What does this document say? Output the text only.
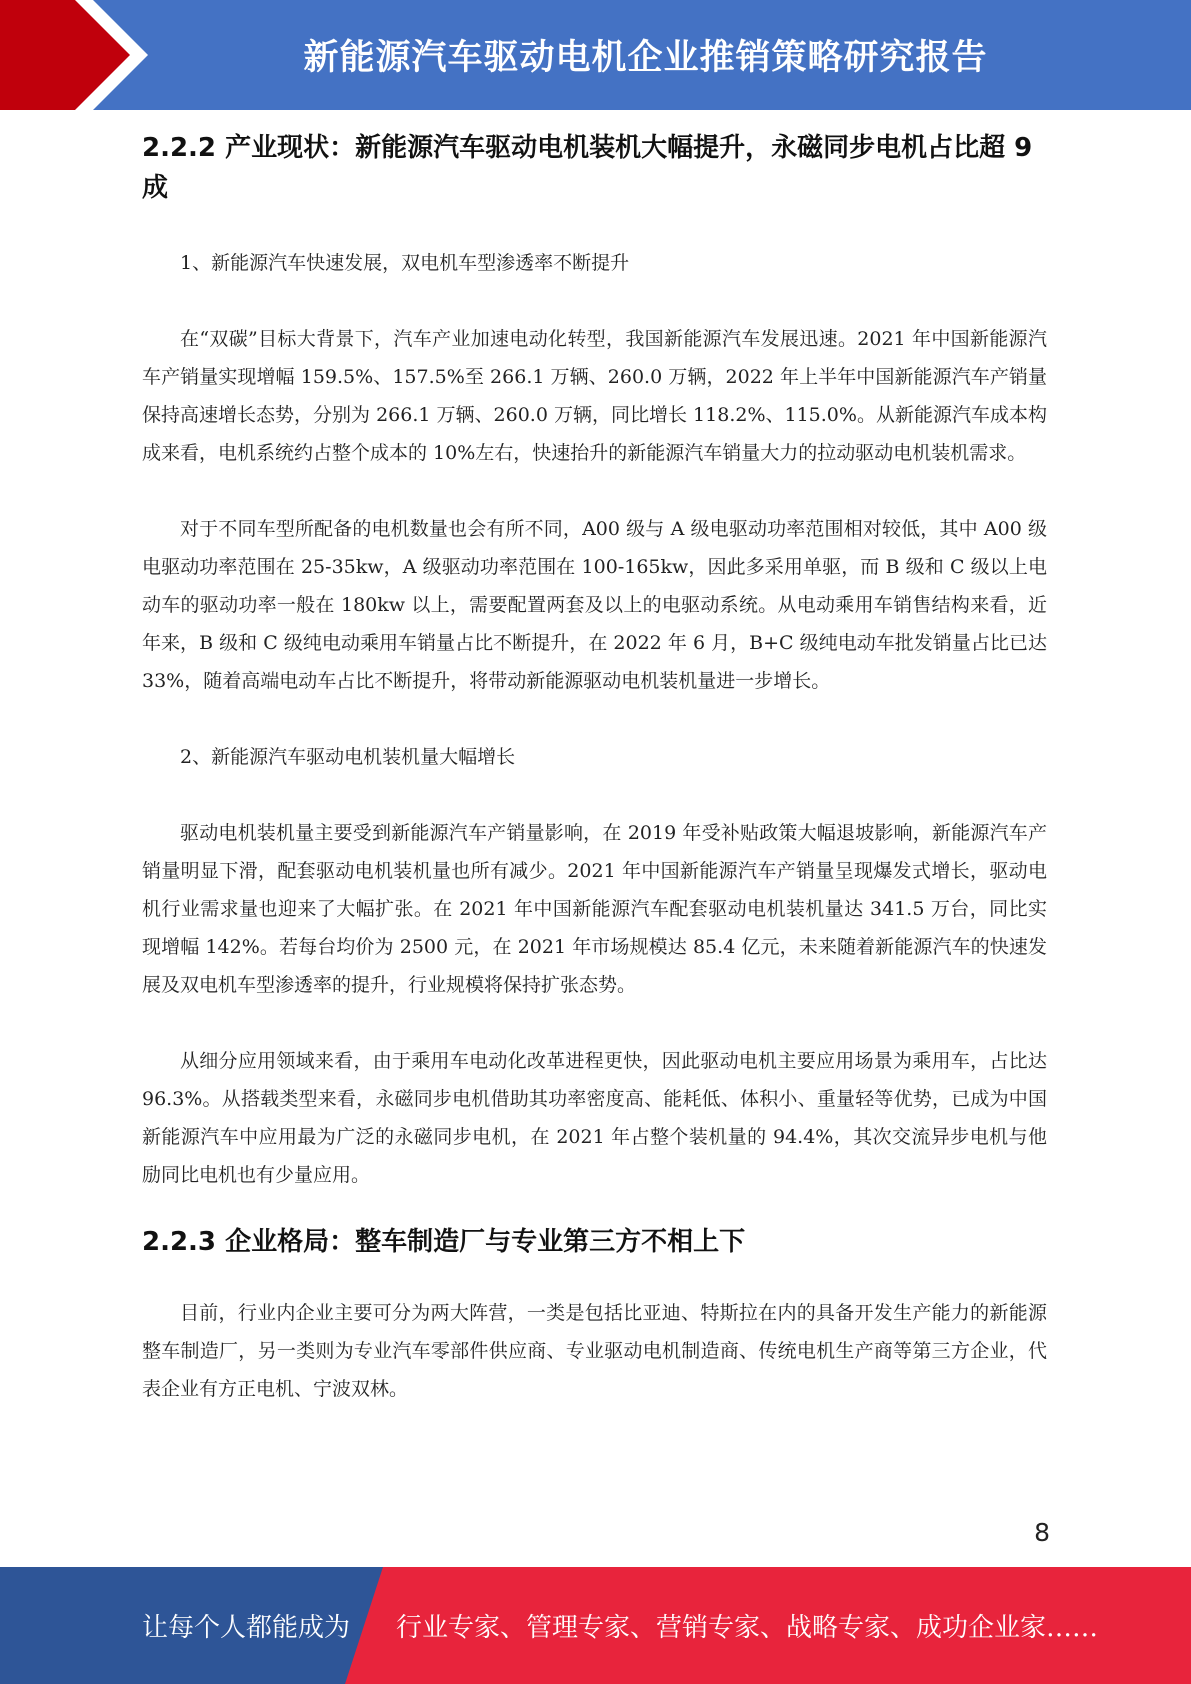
新能源汽车驱动电机企业推销策略研究报告
2.2.2 产业现状：新能源汽车驱动电机装机大幅提升，永磁同步电机占比超 9 成

1、新能源汽车快速发展，双电机车型渗透率不断提升

在“双碳”目标大背景下，汽车产业加速电动化转型，我国新能源汽车发展迅速。2021 年中国新能源汽车产销量实现增幅 159.5%、157.5%至 266.1 万辆、260.0 万辆，2022 年上半年中国新能源汽车产销量保持高速增长态势，分别为 266.1 万辆、260.0 万辆，同比增长 118.2%、115.0%。从新能源汽车成本构成来看，电机系统约占整个成本的 10%左右，快速抬升的新能源汽车销量大力的拉动驱动电机装机需求。

对于不同车型所配备的电机数量也会有所不同，A00 级与 A 级电驱动功率范围相对较低，其中 A00 级电驱动功率范围在 25-35kw，A 级驱动功率范围在 100-165kw，因此多采用单驱，而 B 级和 C 级以上电动车的驱动功率一般在 180kw 以上，需要配置两套及以上的电驱动系统。从电动乘用车销售结构来看，近年来，B 级和 C 级纯电动乘用车销量占比不断提升，在 2022 年 6 月，B+C 级纯电动车批发销量占比已达 33%，随着高端电动车占比不断提升，将带动新能源驱动电机装机量进一步增长。

2、新能源汽车驱动电机装机量大幅增长

驱动电机装机量主要受到新能源汽车产销量影响，在 2019 年受补贴政策大幅退坡影响，新能源汽车产销量明显下滑，配套驱动电机装机量也所有减少。2021 年中国新能源汽车产销量呈现爆发式增长，驱动电机行业需求量也迎来了大幅扩张。在 2021 年中国新能源汽车配套驱动电机装机量达 341.5 万台，同比实现增幅 142%。若每台均价为 2500 元，在 2021 年市场规模达 85.4 亿元，未来随着新能源汽车的快速发展及双电机车型渗透率的提升，行业规模将保持扩张态势。

从细分应用领域来看，由于乘用车电动化改革进程更快，因此驱动电机主要应用场景为乘用车，占比达 96.3%。从搭载类型来看，永磁同步电机借助其功率密度高、能耗低、体积小、重量轻等优势，已成为中国新能源汽车中应用最为广泛的永磁同步电机，在 2021 年占整个装机量的 94.4%，其次交流异步电机与他励同比电机也有少量应用。

2.2.3 企业格局：整车制造厂与专业第三方不相上下

目前，行业内企业主要可分为两大阵营，一类是包括比亚迪、特斯拉在内的具备开发生产能力的新能源整车制造厂，另一类则为专业汽车零部件供应商、专业驱动电机制造商、传统电机生产商等第三方企业，代表企业有方正电机、宁波双林。

8
让每个人都能成为 行业专家、管理专家、营销专家、战略专家、成功企业家……
